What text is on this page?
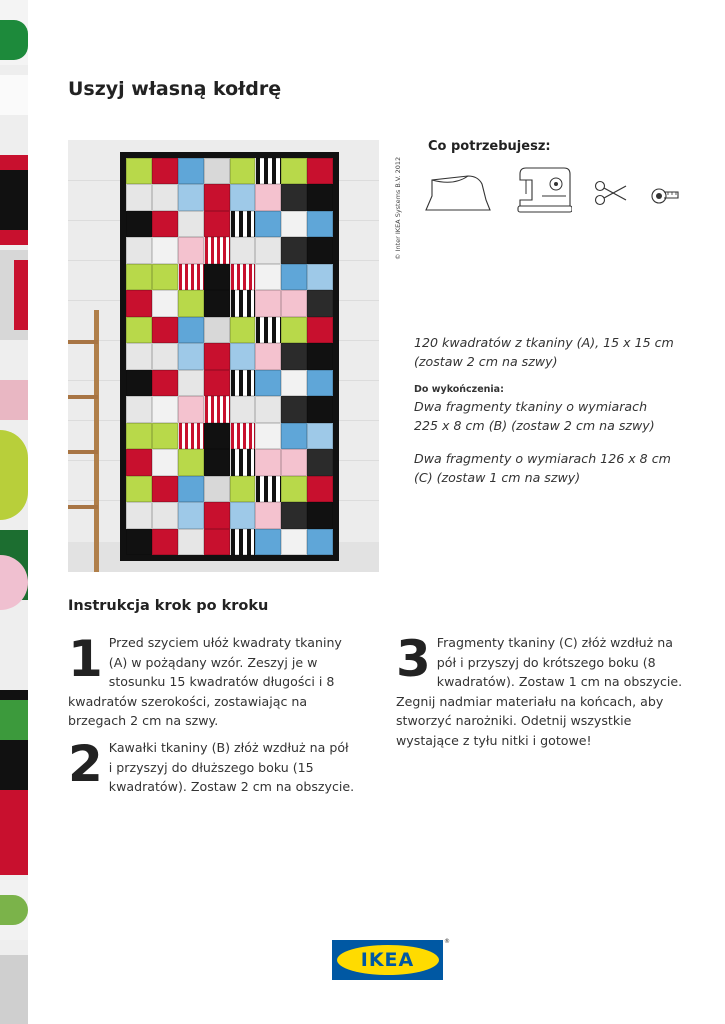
Uszyj własną kołdrę
© Inter IKEA Systems B.V. 2012
Co potrzebujesz:

120 kwadratów z tkaniny (A), 15 x 15 cm

(zostaw 2 cm na szwy)

Do wykończenia:

Dwa fragmenty tkaniny o wymiarach

225 x 8 cm (B) (zostaw 2 cm na szwy)

Dwa fragmenty o wymiarach 126 x 8 cm

(C) (zostaw 1 cm na szwy)

Instrukcja krok po kroku
1 Przed szyciem ułóż kwadraty tkaniny (A) w pożądany wzór. Zeszyj je w stosunku 15 kwadratów długości i 8 kwadratów szerokości, zostawiając na brzegach 2 cm na szwy.
2 Kawałki tkaniny (B) złóż wzdłuż na pół i przyszyj do dłuższego boku (15 kwadratów). Zostaw 2 cm na obszycie.
3 Fragmenty tkaniny (C) złóż wzdłuż na pół i przyszyj do krótszego boku (8 kwadratów). Zostaw 1 cm na obszycie. Zegnij nadmiar materiału na końcach, aby stworzyć narożniki. Odetnij wszystkie wystające z tyłu nitki i gotowe!
IKEA
®
